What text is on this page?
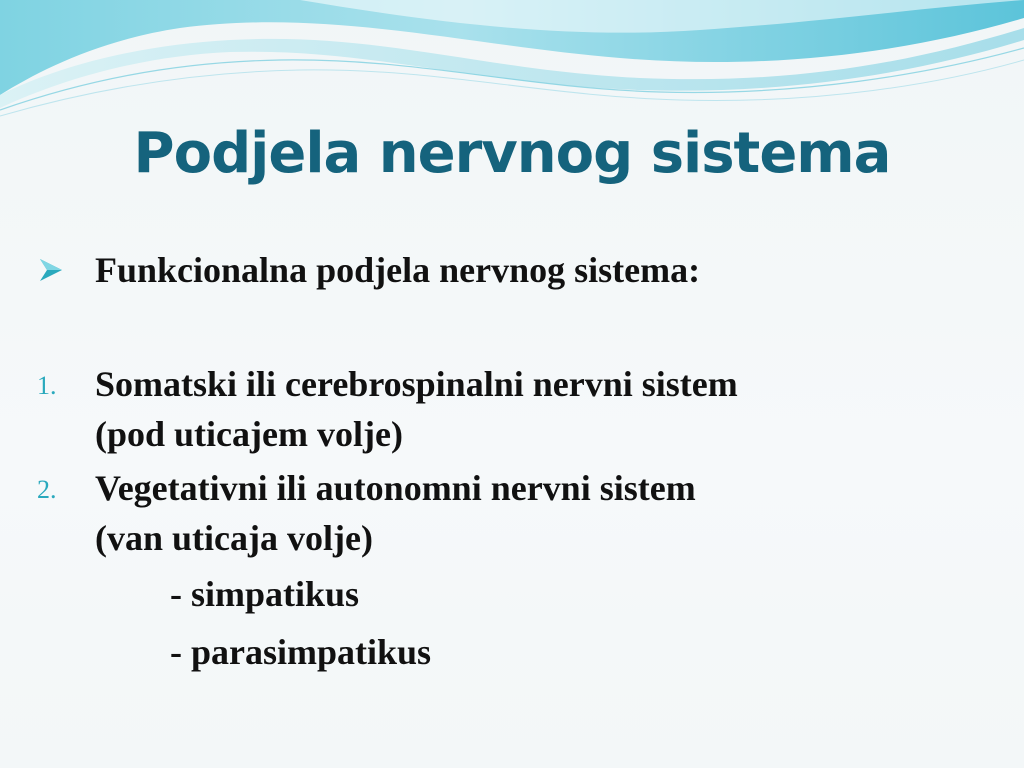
Podjela nervnog sistema
Funkcionalna podjela nervnog sistema:
1. Somatski ili cerebrospinalni nervni sistem
(pod uticajem volje)
2. Vegetativni ili autonomni nervni sistem
(van uticaja volje)
- simpatikus
- parasimpatikus
